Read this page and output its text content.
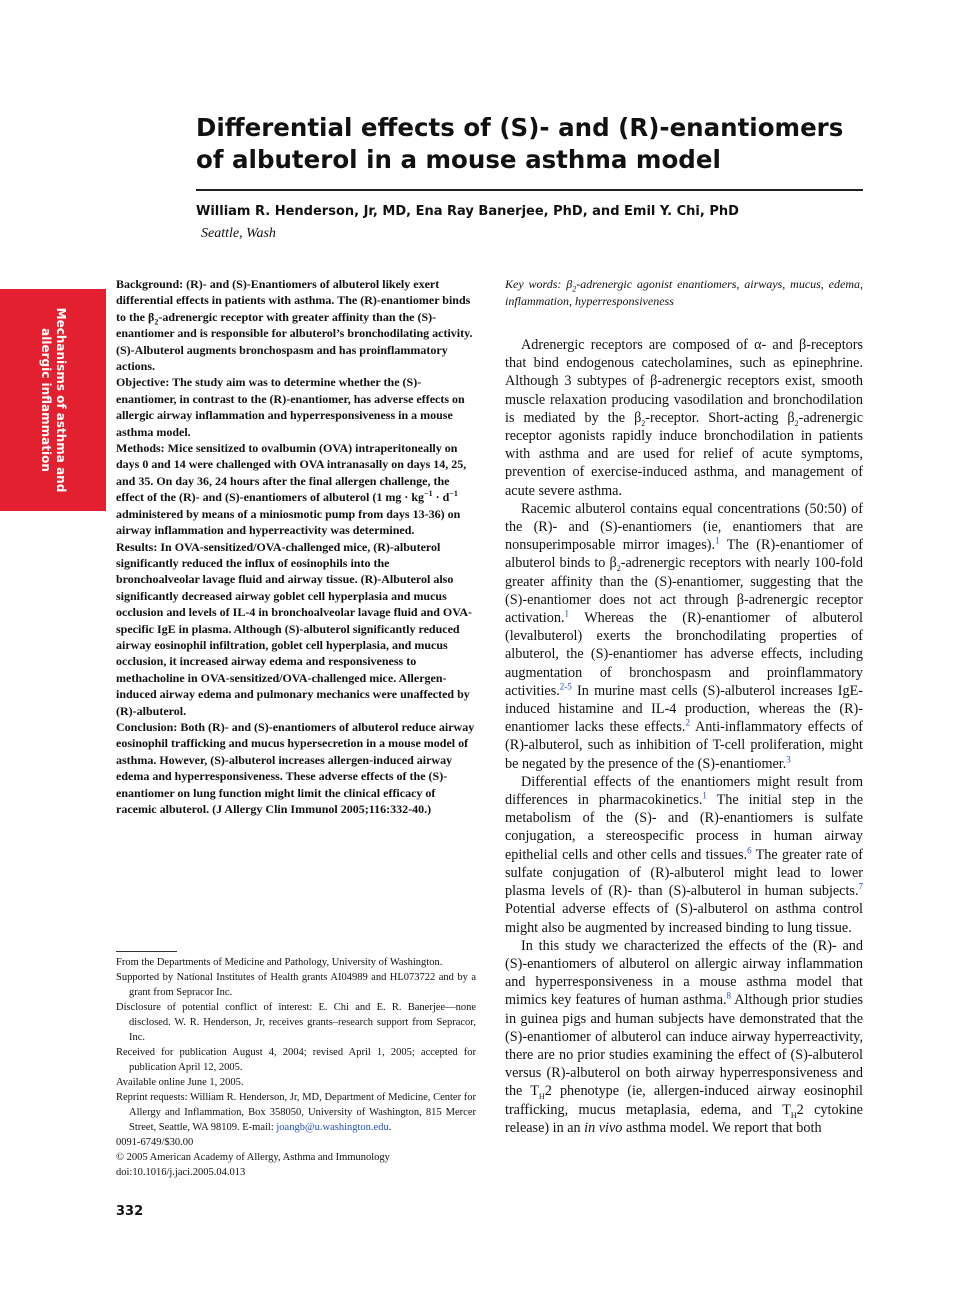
Mechanisms of asthma and
allergic inflammation
Differential effects of (S)- and (R)-enantiomers of albuterol in a mouse asthma model
William R. Henderson, Jr, MD, Ena Ray Banerjee, PhD, and Emil Y. Chi, PhD
Seattle, Wash

Background: (R)- and (S)-Enantiomers of albuterol likely exert differential effects in patients with asthma. The (R)-enantiomer binds to the $\beta_2$-adrenergic receptor with greater affinity than the (S)-enantiomer and is responsible for albuterol’s bronchodilating activity. (S)-Albuterol augments bronchospasm and has proinflammatory actions.

Objective: The study aim was to determine whether the (S)-enantiomer, in contrast to the (R)-enantiomer, has adverse effects on allergic airway inflammation and hyperresponsiveness in a mouse asthma model.

Methods: Mice sensitized to ovalbumin (OVA) intraperitoneally on days 0 and 14 were challenged with OVA intranasally on days 14, 25, and 35. On day 36, 24 hours after the final allergen challenge, the effect of the (R)- and (S)-enantiomers of albuterol (1 mg · $kg^{-1} \cdot d^{-1}$ administered by means of a miniosmotic pump from days 13-36) on airway inflammation and hyperreactivity was determined.

Results: In OVA-sensitized/OVA-challenged mice, (R)-albuterol significantly reduced the influx of eosinophils into the bronchoalveolar lavage fluid and airway tissue. (R)-Albuterol also significantly decreased airway goblet cell hyperplasia and mucus occlusion and levels of IL-4 in bronchoalveolar lavage fluid and OVA-specific IgE in plasma. Although (S)-albuterol significantly reduced airway eosinophil infiltration, goblet cell hyperplasia, and mucus occlusion, it increased airway edema and responsiveness to methacholine in OVA-sensitized/OVA-challenged mice. Allergen-induced airway edema and pulmonary mechanics were unaffected by (R)-albuterol.

Conclusion: Both (R)- and (S)-enantiomers of albuterol reduce airway eosinophil trafficking and mucus hypersecretion in a mouse model of asthma. However, (S)-albuterol increases allergen-induced airway edema and hyperresponsiveness. These adverse effects of the (S)-enantiomer on lung function might limit the clinical efficacy of racemic albuterol. (J Allergy Clin Immunol 2005;116:332-40.)

From the Departments of Medicine and Pathology, University of Washington.

Supported by National Institutes of Health grants AI04989 and HL073722 and by a grant from Sepracor Inc.

Disclosure of potential conflict of interest: E. Chi and E. R. Banerjee—none disclosed. W. R. Henderson, Jr, receives grants–research support from Sepracor, Inc.

Received for publication August 4, 2004; revised April 1, 2005; accepted for publication April 12, 2005.

Available online June 1, 2005.

Reprint requests: William R. Henderson, Jr, MD, Department of Medicine, Center for Allergy and Inflammation, Box 358050, University of Washington, 815 Mercer Street, Seattle, WA 98109. E-mail: joangb@u.washington.edu.

0091-6749/$30.00

© 2005 American Academy of Allergy, Asthma and Immunology

doi:10.1016/j.jaci.2005.04.013

332
Key words: $\beta_2$-adrenergic agonist enantiomers, airways, mucus, edema, inflammation, hyperresponsiveness

Adrenergic receptors are composed of α- and β-receptors that bind endogenous catecholamines, such as epinephrine. Although 3 subtypes of β-adrenergic receptors exist, smooth muscle relaxation producing vasodilation and bronchodilation is mediated by the $\beta_2$-receptor. Short-acting $\beta_2$-adrenergic receptor agonists rapidly induce bronchodilation in patients with asthma and are used for relief of acute symptoms, prevention of exercise-induced asthma, and management of acute severe asthma.

Racemic albuterol contains equal concentrations (50:50) of the (R)- and (S)-enantiomers (ie, enantiomers that are nonsuperimposable mirror images).$^1$ The (R)-enantiomer of albuterol binds to $\beta_2$-adrenergic receptors with nearly 100-fold greater affinity than the (S)-enantiomer, suggesting that the (S)-enantiomer does not act through β-adrenergic receptor activation.$^1$ Whereas the (R)-enantiomer of albuterol (levalbuterol) exerts the bronchodilating properties of albuterol, the (S)-enantiomer has adverse effects, including augmentation of bronchospasm and proinflammatory activities.$^{2-5}$ In murine mast cells (S)-albuterol increases IgE-induced histamine and IL-4 production, whereas the (R)-enantiomer lacks these effects.$^2$ Anti-inflammatory effects of (R)-albuterol, such as inhibition of T-cell proliferation, might be negated by the presence of the (S)-enantiomer.$^3$

Differential effects of the enantiomers might result from differences in pharmacokinetics.$^1$ The initial step in the metabolism of the (S)- and (R)-enantiomers is sulfate conjugation, a stereospecific process in human airway epithelial cells and other cells and tissues.$^6$ The greater rate of sulfate conjugation of (R)-albuterol might lead to lower plasma levels of (R)- than (S)-albuterol in human subjects.$^7$ Potential adverse effects of (S)-albuterol on asthma control might also be augmented by increased binding to lung tissue.

In this study we characterized the effects of the (R)- and (S)-enantiomers of albuterol on allergic airway inflammation and hyperresponsiveness in a mouse asthma model that mimics key features of human asthma.$^8$ Although prior studies in guinea pigs and human subjects have demonstrated that the (S)-enantiomer of albuterol can induce airway hyperreactivity, there are no prior studies examining the effect of (S)-albuterol versus (R)-albuterol on both airway hyperresponsiveness and the $T_H2$ phenotype (ie, allergen-induced airway eosinophil trafficking, mucus metaplasia, edema, and $T_H2$ cytokine release) in an in vivo asthma model. We report that both
